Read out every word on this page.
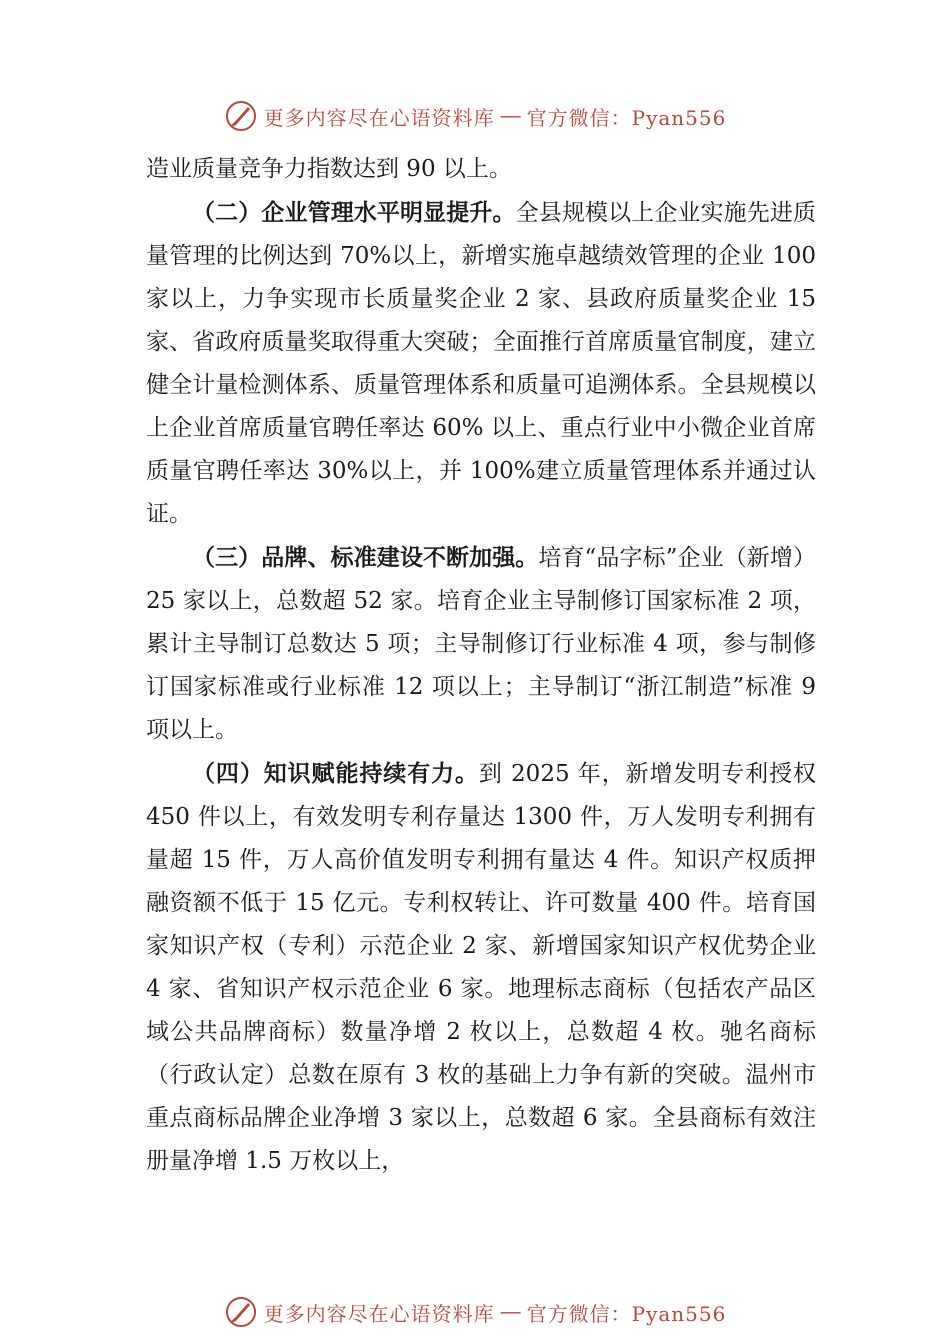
更多内容尽在心语资料库 — 官方微信：Pyan556

造业质量竞争力指数达到 90 以上。

（二）企业管理水平明显提升。全县规模以上企业实施先进质量管理的比例达到 70%以上，新增实施卓越绩效管理的企业 100 家以上，力争实现市长质量奖企业 2 家、县政府质量奖企业 15 家、省政府质量奖取得重大突破；全面推行首席质量官制度，建立健全计量检测体系、质量管理体系和质量可追溯体系。全县规模以上企业首席质量官聘任率达 60% 以上、重点行业中小微企业首席质量官聘任率达 30%以上，并 100%建立质量管理体系并通过认证。

（三）品牌、标准建设不断加强。培育“品字标”企业（新增）25 家以上，总数超 52 家。培育企业主导制修订国家标准 2 项，累计主导制订总数达 5 项；主导制修订行业标准 4 项，参与制修订国家标准或行业标准 12 项以上；主导制订“浙江制造”标准 9 项以上。

（四）知识赋能持续有力。到 2025 年，新增发明专利授权 450 件以上，有效发明专利存量达 1300 件，万人发明专利拥有量超 15 件，万人高价值发明专利拥有量达 4 件。知识产权质押融资额不低于 15 亿元。专利权转让、许可数量 400 件。培育国家知识产权（专利）示范企业 2 家、新增国家知识产权优势企业 4 家、省知识产权示范企业 6 家。地理标志商标（包括农产品区域公共品牌商标）数量净增 2 枚以上，总数超 4 枚。驰名商标（行政认定）总数在原有 3 枚的基础上力争有新的突破。温州市重点商标品牌企业净增 3 家以上，总数超 6 家。全县商标有效注册量净增 1.5 万枚以上，

更多内容尽在心语资料库 — 官方微信：Pyan556
